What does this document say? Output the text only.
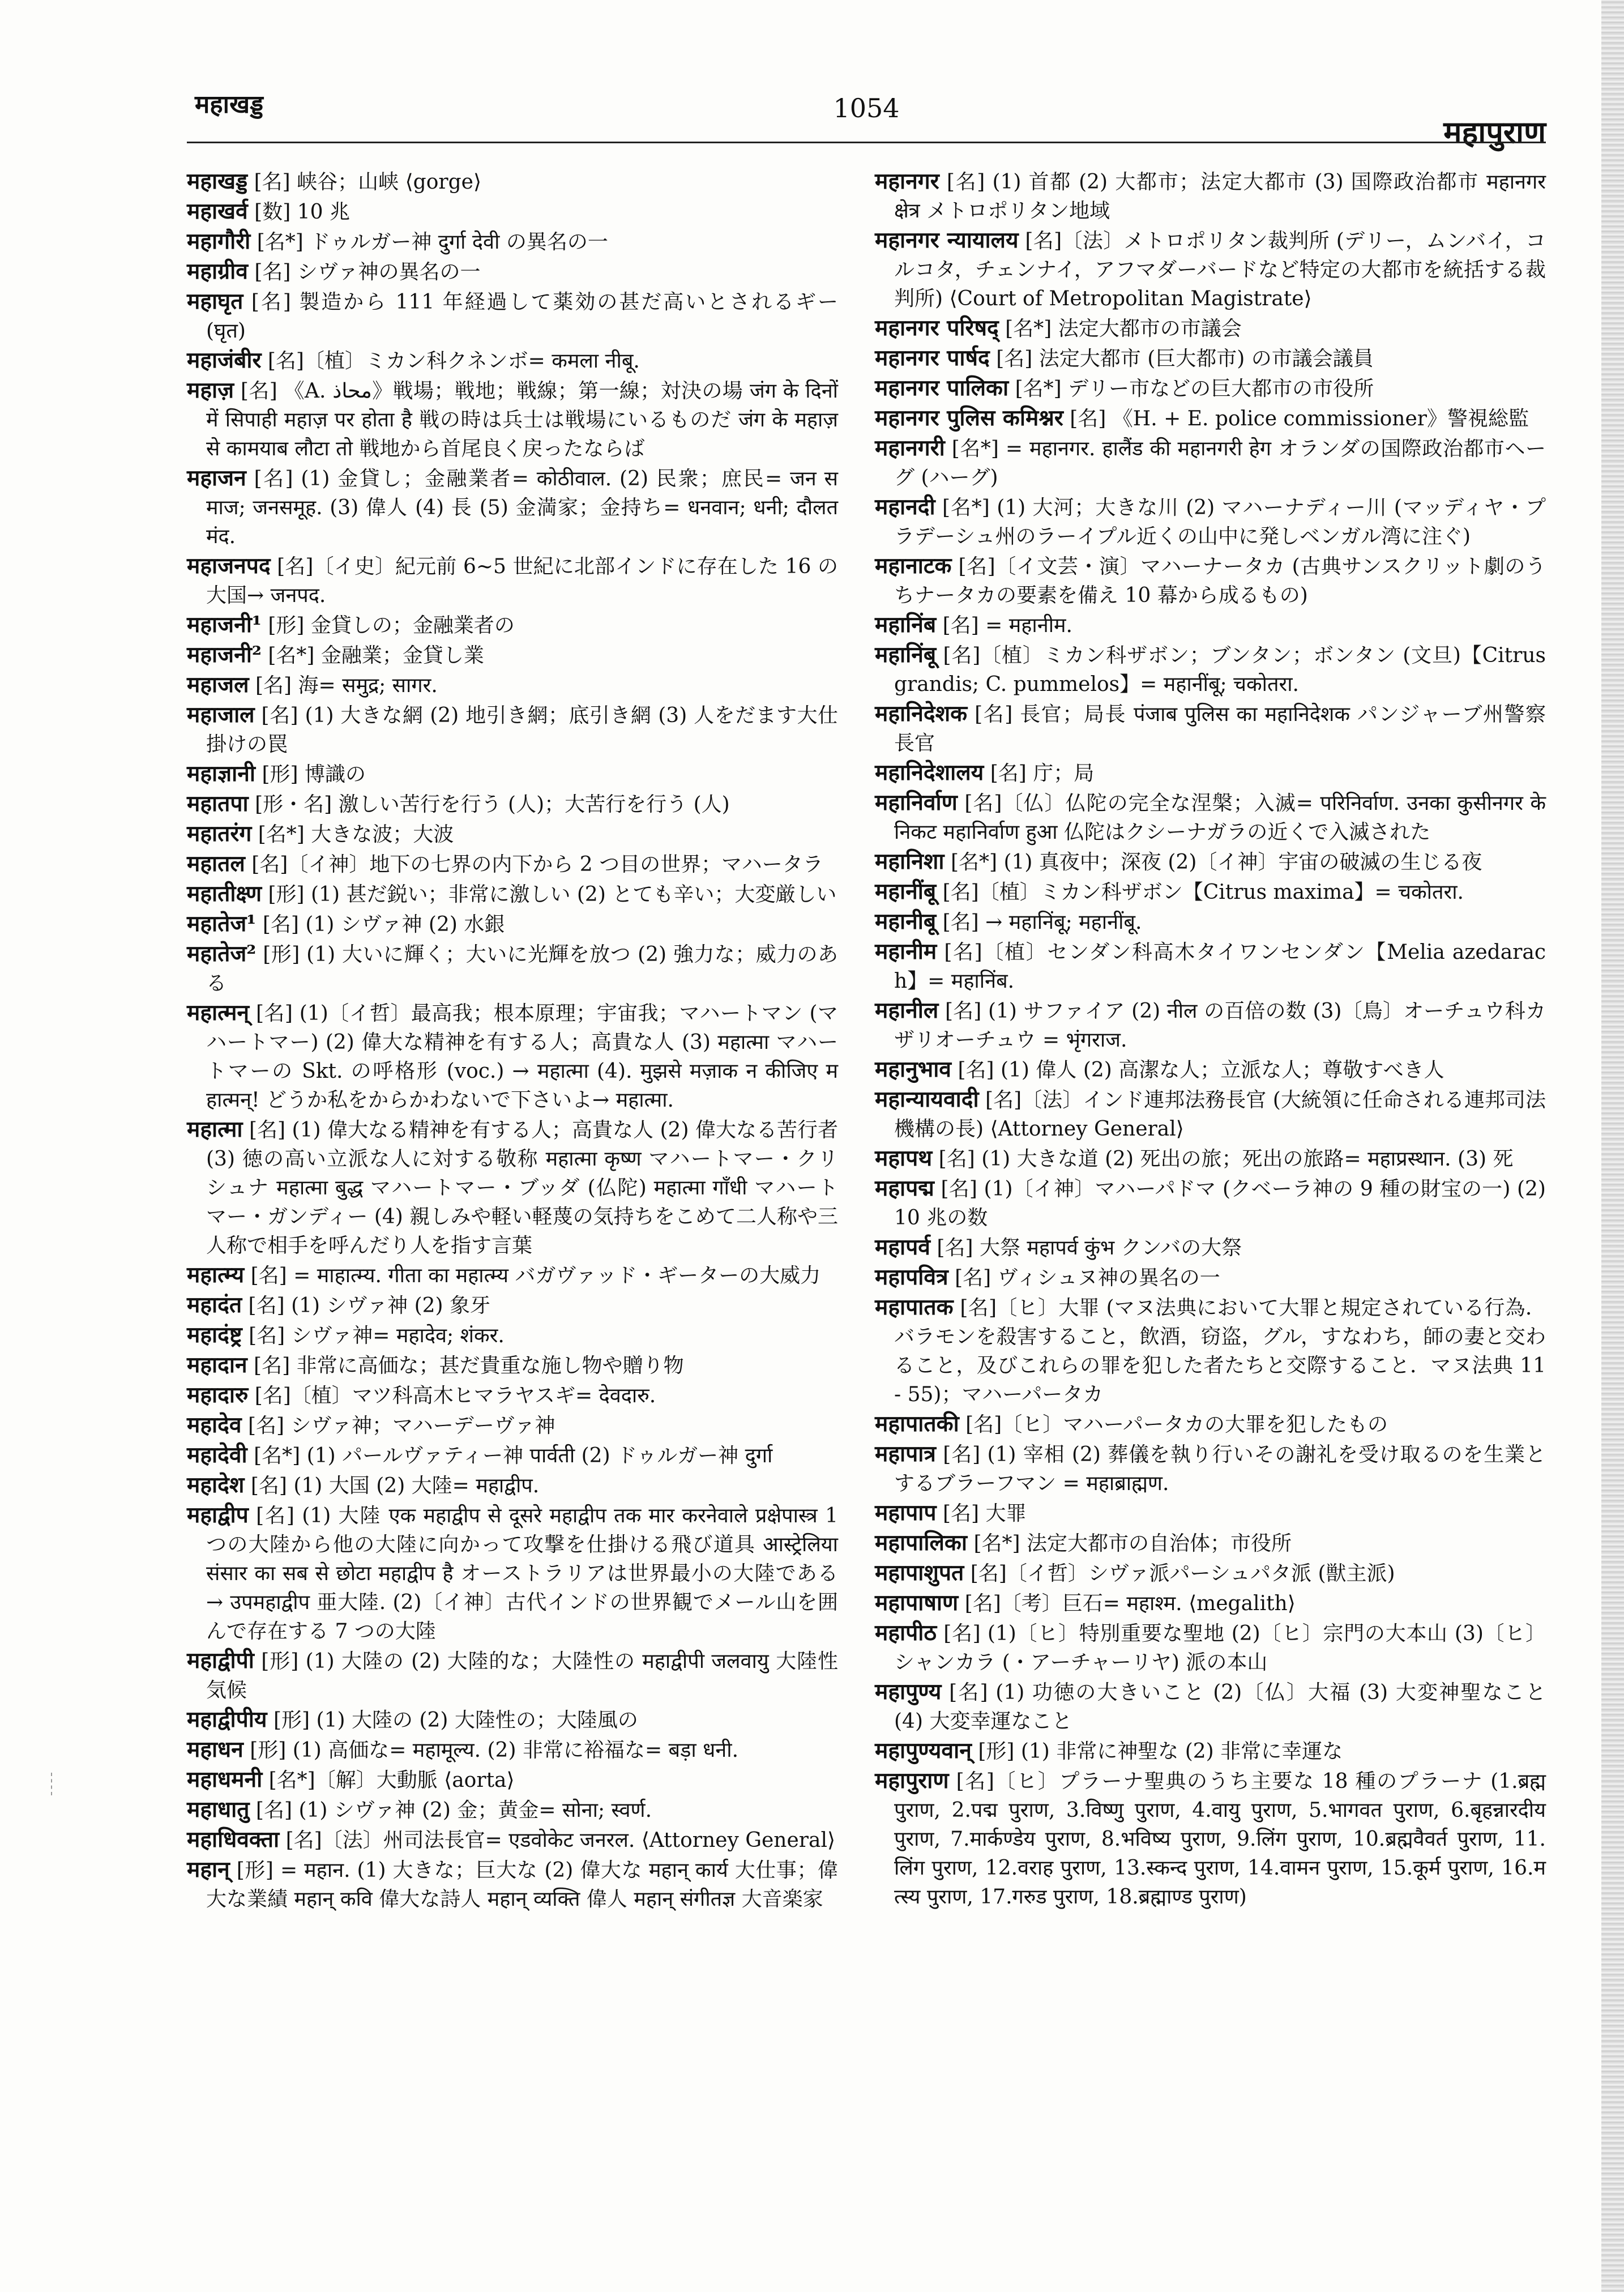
महाखड्ड	1054
महापुराण

महाखड्ड [名] 峡谷；山峡 ⟨gorge⟩

महाखर्व [数] 10 兆

महागौरी [名*] ドゥルガー神 दुर्गा देवी の異名の一

महाग्रीव [名] シヴァ神の異名の一

महाघृत [名] 製造から 111 年経過して薬効の甚だ高いとされるギー (घृत)

महाजंबीर [名]〔植〕ミカン科クネンボ= कमला नीबू.

महाज़ [名] 《A. محاذ》戦場；戦地；戦線；第一線；対決の場 जंग के दिनों में सिपाही महाज़ पर होता है 戦の時は兵士は戦場にいるものだ जंग के महाज़ से कामयाब लौटा तो 戦地から首尾良く戻ったならば

महाजन [名] (1) 金貸し；金融業者= कोठीवाल. (2) 民衆；庶民= जन समाज; जनसमूह. (3) 偉人 (4) 長 (5) 金満家；金持ち= धनवान; धनी; दौलतमंद.

महाजनपद [名]〔イ史〕紀元前 6~5 世紀に北部インドに存在した 16 の大国→ जनपद.

महाजनी¹ [形] 金貸しの；金融業者の

महाजनी² [名*] 金融業；金貸し業

महाजल [名] 海= समुद्र; सागर.

महाजाल [名] (1) 大きな網 (2) 地引き網；底引き網 (3) 人をだます大仕掛けの罠

महाज्ञानी [形] 博識の

महातपा [形・名] 激しい苦行を行う (人)；大苦行を行う (人)

महातरंग [名*] 大きな波；大波

महातल [名]〔イ神〕地下の七界の内下から 2 つ目の世界；マハータラ

महातीक्ष्ण [形] (1) 甚だ鋭い；非常に激しい (2) とても辛い；大変厳しい

महातेज¹ [名] (1) シヴァ神 (2) 水銀

महातेज² [形] (1) 大いに輝く；大いに光輝を放つ (2) 強力な；威力のある

महात्मन् [名] (1)〔イ哲〕最高我；根本原理；宇宙我；マハートマン (マハートマー) (2) 偉大な精神を有する人；高貴な人 (3) महात्मा マハートマーの Skt. の呼格形 (voc.) → महात्मा (4). मुझसे मज़ाक न कीजिए महात्मन्! どうか私をからかわないで下さいよ→ महात्मा.

महात्मा [名] (1) 偉大なる精神を有する人；高貴な人 (2) 偉大なる苦行者 (3) 徳の高い立派な人に対する敬称 महात्मा कृष्ण マハートマー・クリシュナ महात्मा बुद्ध マハートマー・ブッダ (仏陀) महात्मा गाँधी マハートマー・ガンディー (4) 親しみや軽い軽蔑の気持ちをこめて二人称や三人称で相手を呼んだり人を指す言葉

महात्म्य [名] = माहात्म्य. गीता का महात्म्य バガヴァッド・ギーターの大威力

महादंत [名] (1) シヴァ神 (2) 象牙

महादंष्ट्र [名] シヴァ神= महादेव; शंकर.

महादान [名] 非常に高価な；甚だ貴重な施し物や贈り物

महादारु [名]〔植〕マツ科高木ヒマラヤスギ= देवदारु.

महादेव [名] シヴァ神；マハーデーヴァ神

महादेवी [名*] (1) パールヴァティー神 पार्वती (2) ドゥルガー神 दुर्गा

महादेश [名] (1) 大国 (2) 大陸= महाद्वीप.

महाद्वीप [名] (1) 大陸 एक महाद्वीप से दूसरे महाद्वीप तक मार करनेवाले प्रक्षेपास्त्र 1 つの大陸から他の大陸に向かって攻撃を仕掛ける飛び道具 आस्ट्रेलिया संसार का सब से छोटा महाद्वीप है オーストラリアは世界最小の大陸である→ उपमहाद्वीप 亜大陸. (2)〔イ神〕古代インドの世界観でメール山を囲んで存在する 7 つの大陸

महाद्वीपी [形] (1) 大陸の (2) 大陸的な；大陸性の महाद्वीपी जलवायु 大陸性気候

महाद्वीपीय [形] (1) 大陸の (2) 大陸性の；大陸風の

महाधन [形] (1) 高価な= महामूल्य. (2) 非常に裕福な= बड़ा धनी.

महाधमनी [名*]〔解〕大動脈 ⟨aorta⟩

महाधातु [名] (1) シヴァ神 (2) 金；黄金= सोना; स्वर्ण.

महाधिवक्ता [名]〔法〕州司法長官= एडवोकेट जनरल. ⟨Attorney General⟩

महान् [形] = महान. (1) 大きな；巨大な (2) 偉大な महान् कार्य 大仕事；偉大な業績 महान् कवि 偉大な詩人 महान् व्यक्ति 偉人 महान् संगीतज्ञ 大音楽家

महानगर [名] (1) 首都 (2) 大都市；法定大都市 (3) 国際政治都市 महानगर क्षेत्र メトロポリタン地域

महानगर न्यायालय [名]〔法〕メトロポリタン裁判所 (デリー，ムンバイ，コルコタ，チェンナイ，アフマダーバードなど特定の大都市を統括する裁判所) ⟨Court of Metropolitan Magistrate⟩

महानगर परिषद् [名*] 法定大都市の市議会

महानगर पार्षद [名] 法定大都市 (巨大都市) の市議会議員

महानगर पालिका [名*] デリー市などの巨大都市の市役所

महानगर पुलिस कमिश्नर [名] 《H. + E. police commissioner》警視総監

महानगरी [名*] = महानगर. हालैंड की महानगरी हेग オランダの国際政治都市ヘーグ (ハーグ)

महानदी [名*] (1) 大河；大きな川 (2) マハーナディー川 (マッディヤ・プラデーシュ州のラーイプル近くの山中に発しベンガル湾に注ぐ)

महानाटक [名]〔イ文芸・演〕マハーナータカ (古典サンスクリット劇のうちナータカの要素を備え 10 幕から成るもの)

महानिंब [名] = महानीम.

महानिंबू [名]〔植〕ミカン科ザボン；ブンタン；ボンタン (文旦)【Citrus grandis; C. pummelos】= महानींबू; चकोतरा.

महानिदेशक [名] 長官；局長 पंजाब पुलिस का महानिदेशक パンジャーブ州警察長官

महानिदेशालय [名] 庁；局

महानिर्वाण [名]〔仏〕仏陀の完全な涅槃；入滅= परिनिर्वाण. उनका कुसीनगर के निकट महानिर्वाण हुआ 仏陀はクシーナガラの近くで入滅された

महानिशा [名*] (1) 真夜中；深夜 (2)〔イ神〕宇宙の破滅の生じる夜

महानींबू [名]〔植〕ミカン科ザボン【Citrus maxima】= चकोतरा.

महानीबू [名] → महानिंबू; महानींबू.

महानीम [名]〔植〕センダン科高木タイワンセンダン【Melia azedarach】= महानिंब.

महानील [名] (1) サファイア (2) नील の百倍の数 (3)〔鳥〕オーチュウ科カザリオーチュウ = भृंगराज.

महानुभाव [名] (1) 偉人 (2) 高潔な人；立派な人；尊敬すべき人

महान्यायवादी [名]〔法〕インド連邦法務長官 (大統領に任命される連邦司法機構の長) ⟨Attorney General⟩

महापथ [名] (1) 大きな道 (2) 死出の旅；死出の旅路= महाप्रस्थान. (3) 死

महापद्म [名] (1)〔イ神〕マハーパドマ (クベーラ神の 9 種の財宝の一) (2) 10 兆の数

महापर्व [名] 大祭 महापर्व कुंभ クンバの大祭

महापवित्र [名] ヴィシュヌ神の異名の一

महापातक [名]〔ヒ〕大罪 (マヌ法典において大罪と規定されている行為．バラモンを殺害すること，飲酒，窃盗，グル，すなわち，師の妻と交わること，及びこれらの罪を犯した者たちと交際すること．マヌ法典 11 - 55)；マハーパータカ

महापातकी [名]〔ヒ〕マハーパータカの大罪を犯したもの

महापात्र [名] (1) 宰相 (2) 葬儀を執り行いその謝礼を受け取るのを生業とするブラーフマン = महाब्राह्मण.

महापाप [名] 大罪

महापालिका [名*] 法定大都市の自治体；市役所

महापाशुपत [名]〔イ哲〕シヴァ派パーシュパタ派 (獣主派)

महापाषाण [名]〔考〕巨石= महाश्म. ⟨megalith⟩

महापीठ [名] (1)〔ヒ〕特別重要な聖地 (2)〔ヒ〕宗門の大本山 (3)〔ヒ〕シャンカラ (・アーチャーリヤ) 派の本山

महापुण्य [名] (1) 功徳の大きいこと (2)〔仏〕大福 (3) 大変神聖なこと (4) 大変幸運なこと

महापुण्यवान् [形] (1) 非常に神聖な (2) 非常に幸運な

महापुराण [名]〔ヒ〕プラーナ聖典のうち主要な 18 種のプラーナ (1.ब्रह्म पुराण, 2.पद्म पुराण, 3.विष्णु पुराण, 4.वायु पुराण, 5.भागवत पुराण, 6.बृहन्नारदीय पुराण, 7.मार्कण्डेय पुराण, 8.भविष्य पुराण, 9.लिंग पुराण, 10.ब्रह्मवैवर्त पुराण, 11.लिंग पुराण, 12.वराह पुराण, 13.स्कन्द पुराण, 14.वामन पुराण, 15.कूर्म पुराण, 16.मत्स्य पुराण, 17.गरुड पुराण, 18.ब्रह्माण्ड पुराण)
